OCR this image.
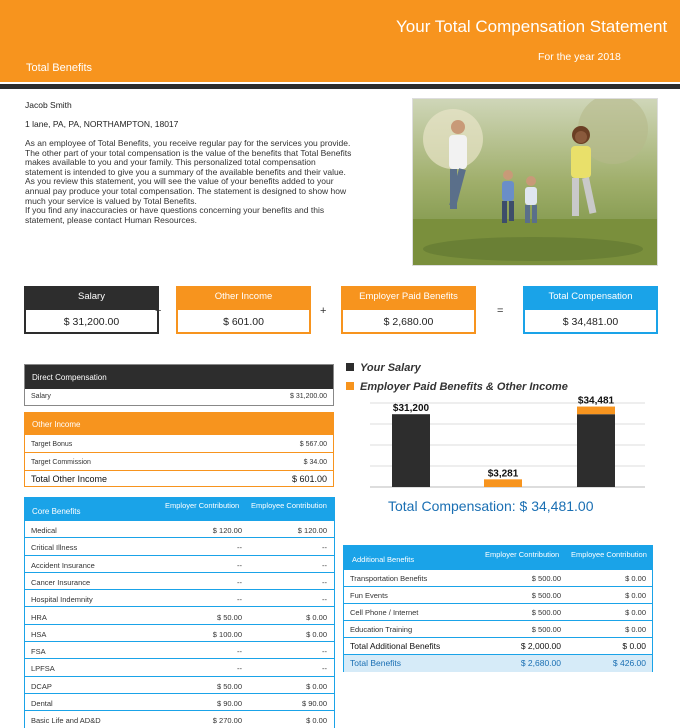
Your Total Compensation Statement
For the year 2018
Total Benefits
Jacob Smith
1 lane, PA, PA, NORTHAMPTON, 18017
As an employee of Total Benefits, you receive regular pay for the services you provide.
The other part of your total compensation is the value of the benefits that Total Benefits
makes available to you and your family. This personalized total compensation
statement is intended to give you a summary of the available benefits and their value.
As you review this statement, you will see the value of your benefits added to your
annual pay produce your total compensation. The statement is designed to show how
much your service is valued by Total Benefits.
If you find any inaccuracies or have questions concerning your benefits and this
statement, please contact Human Resources.
Salary
$ 31,200.00
+
Other Income
$ 601.00
+
Employer Paid Benefits
$ 2,680.00
=
Total Compensation
$ 34,481.00
Direct Compensation
Salary	$ 31,200.00
Other Income
Target Bonus	$ 567.00
Target Commission	$ 34.00
Total Other Income	$ 601.00
Core Benefits
Employer Contribution Employee Contribution
Medical	$ 120.00	$ 120.00
Critical Illness	--	--
Accident Insurance	--	--
Cancer Insurance	--	--
Hospital Indemnity	--	--
HRA	$ 50.00	$ 0.00
HSA	$ 100.00	$ 0.00
FSA	--	--
LPFSA	--	--
DCAP	$ 50.00	$ 0.00
Dental	$ 90.00	$ 90.00
Basic Life and AD&D	$ 270.00	$ 0.00
Your Salary
Employer Paid Benefits & Other Income
$31,200
$3,281
$34,481
Total Compensation: $ 34,481.00
Additional Benefits
Employer Contribution Employee Contribution
Transportation Benefits	$ 500.00	$ 0.00
Fun Events	$ 500.00	$ 0.00
Cell Phone / Internet	$ 500.00	$ 0.00
Education Training	$ 500.00	$ 0.00
Total Additional Benefits	$ 2,000.00	$ 0.00
Total Benefits	$ 2,680.00	$ 426.00
